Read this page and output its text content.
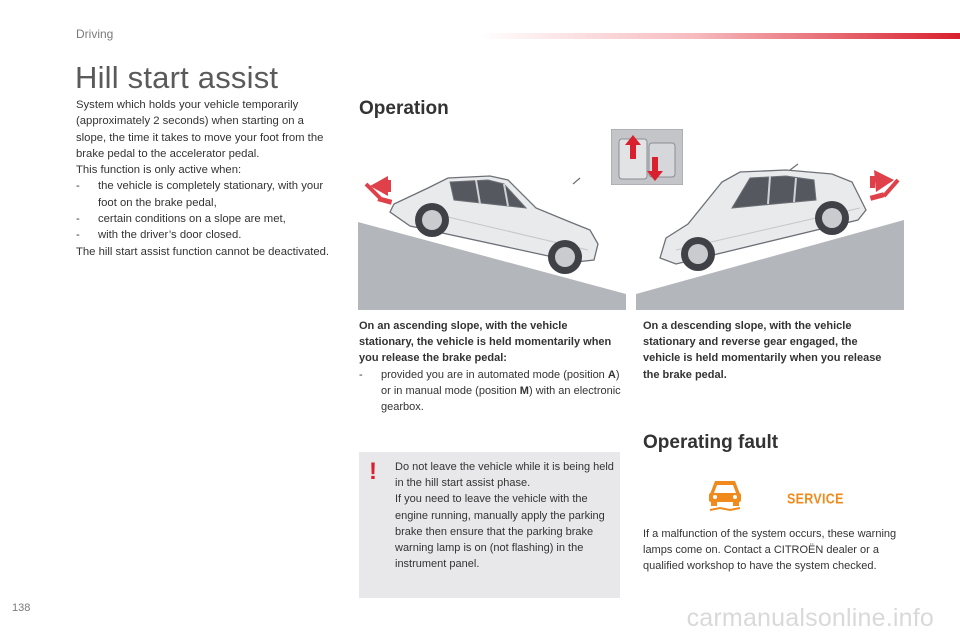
Driving
Hill start assist

System which holds your vehicle temporarily (approximately 2 seconds) when starting on a slope, the time it takes to move your foot from the brake pedal to the accelerator pedal.

This function is only active when:

- the vehicle is completely stationary, with your foot on the brake pedal,
- certain conditions on a slope are met,
- with the driver’s door closed.

The hill start assist function cannot be deactivated.

Operation
On an ascending slope, with the vehicle stationary, the vehicle is held momentarily when you release the brake pedal:
- provided you are in automated mode (position A) or in manual mode (position M) with an electronic gearbox.
On a descending slope, with the vehicle stationary and reverse gear engaged, the vehicle is held momentarily when you release the brake pedal.
! Do not leave the vehicle while it is being held in the hill start assist phase.

If you need to leave the vehicle with the engine running, manually apply the parking brake then ensure that the parking brake warning lamp is on (not flashing) in the instrument panel.

Operating fault
SERVICE
If a malfunction of the system occurs, these warning lamps come on. Contact a CITROËN dealer or a qualified workshop to have the system checked.
138	carmanualsonline.info
